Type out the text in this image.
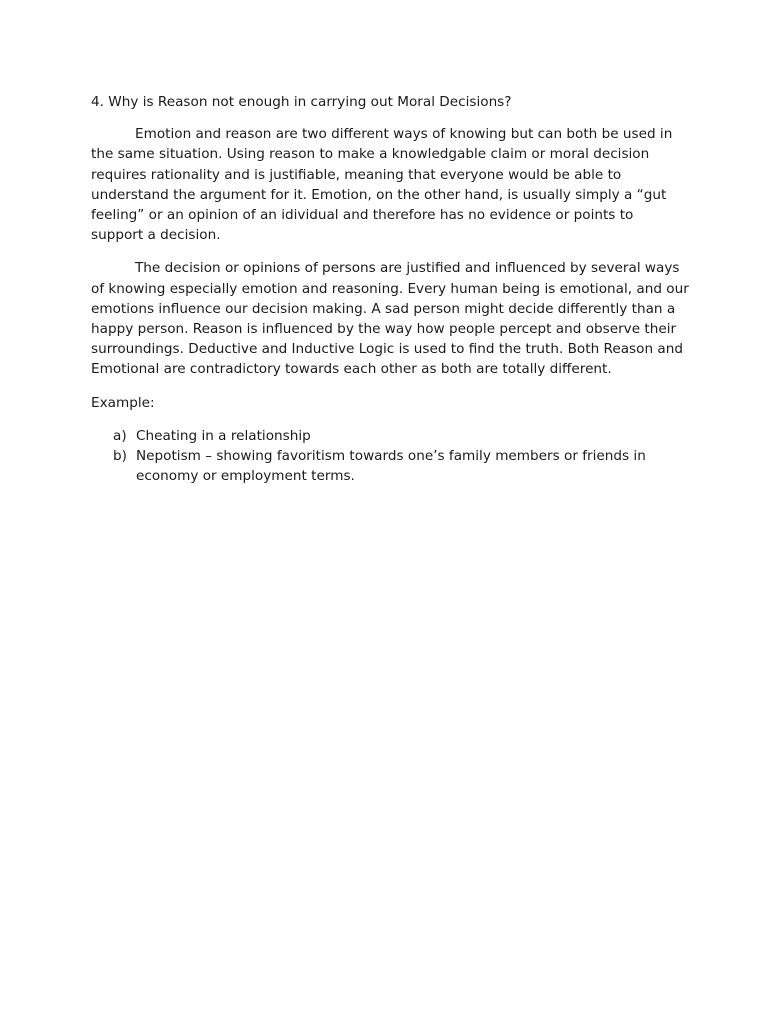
4. Why is Reason not enough in carrying out Moral Decisions?

Emotion and reason are two different ways of knowing but can both be used in the same situation. Using reason to make a knowledgable claim or moral decision requires rationality and is justifiable, meaning that everyone would be able to understand the argument for it. Emotion, on the other hand, is usually simply a “gut feeling” or an opinion of an idividual and therefore has no evidence or points to support a decision.

The decision or opinions of persons are justified and influenced by several ways of knowing especially emotion and reasoning. Every human being is emotional, and our emotions influence our decision making. A sad person might decide differently than a happy person. Reason is influenced by the way how people percept and observe their surroundings. Deductive and Inductive Logic is used to find the truth. Both Reason and Emotional are contradictory towards each other as both are totally different.

Example:

a) Cheating in a relationship
b) Nepotism – showing favoritism towards one’s family members or friends in economy or employment terms.
